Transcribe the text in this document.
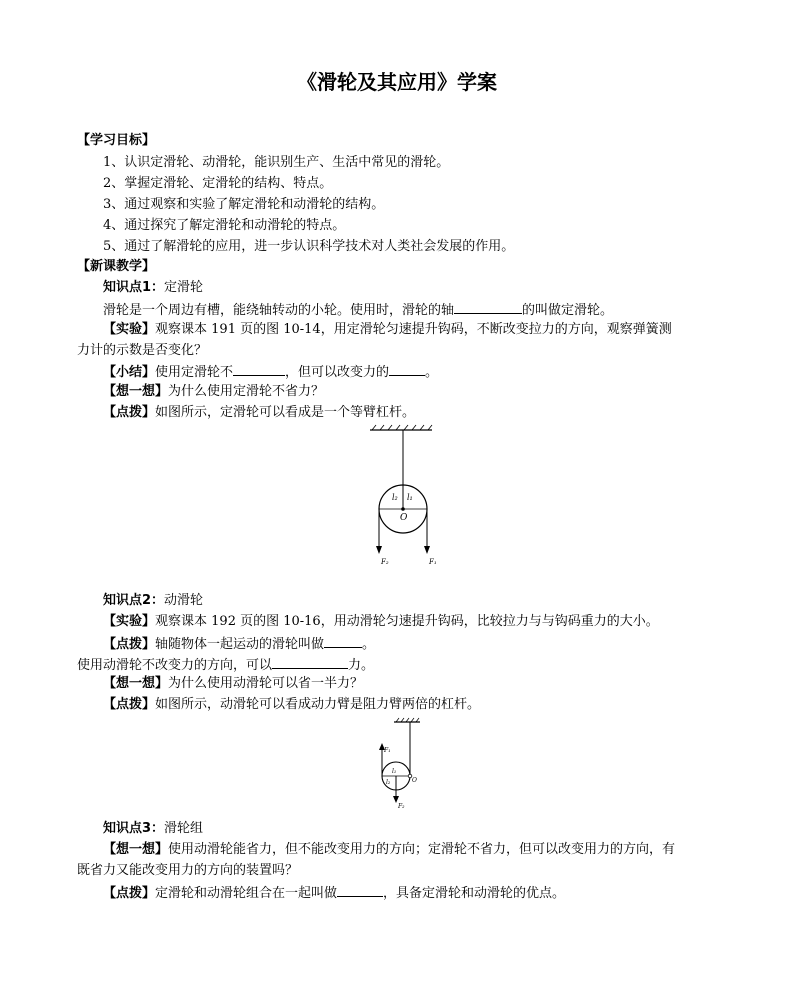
《滑轮及其应用》学案
【学习目标】
1、认识定滑轮、动滑轮，能识别生产、生活中常见的滑轮。
2、掌握定滑轮、定滑轮的结构、特点。
3、通过观察和实验了解定滑轮和动滑轮的结构。
4、通过探究了解定滑轮和动滑轮的特点。
5、通过了解滑轮的应用，进一步认识科学技术对人类社会发展的作用。
【新课教学】
知识点1：定滑轮
滑轮是一个周边有槽，能绕轴转动的小轮。使用时，滑轮的轴	的叫做定滑轮。
【实验】观察课本 191 页的图 10-14，用定滑轮匀速提升钩码，不断改变拉力的方向，观察弹簧测
力计的示数是否变化？
【小结】使用定滑轮不	，但可以改变力的	。
【想一想】为什么使用定滑轮不省力？
【点拨】如图所示，定滑轮可以看成是一个等臂杠杆。
l₂ l₁
O
F₂	F₁
知识点2：动滑轮
【实验】观察课本 192 页的图 10-16，用动滑轮匀速提升钩码，比较拉力与与钩码重力的大小。
【点拨】轴随物体一起运动的滑轮叫做	。
使用动滑轮不改变力的方向，可以	力。
【想一想】为什么使用动滑轮可以省一半力？
【点拨】如图所示，动滑轮可以看成动力臂是阻力臂两倍的杠杆。
F₁
F₂
l₁
l₂	O
知识点3：滑轮组
【想一想】使用动滑轮能省力，但不能改变用力的方向；定滑轮不省力，但可以改变用力的方向，有
既省力又能改变用力的方向的装置吗？
【点拨】定滑轮和动滑轮组合在一起叫做	，具备定滑轮和动滑轮的优点。
